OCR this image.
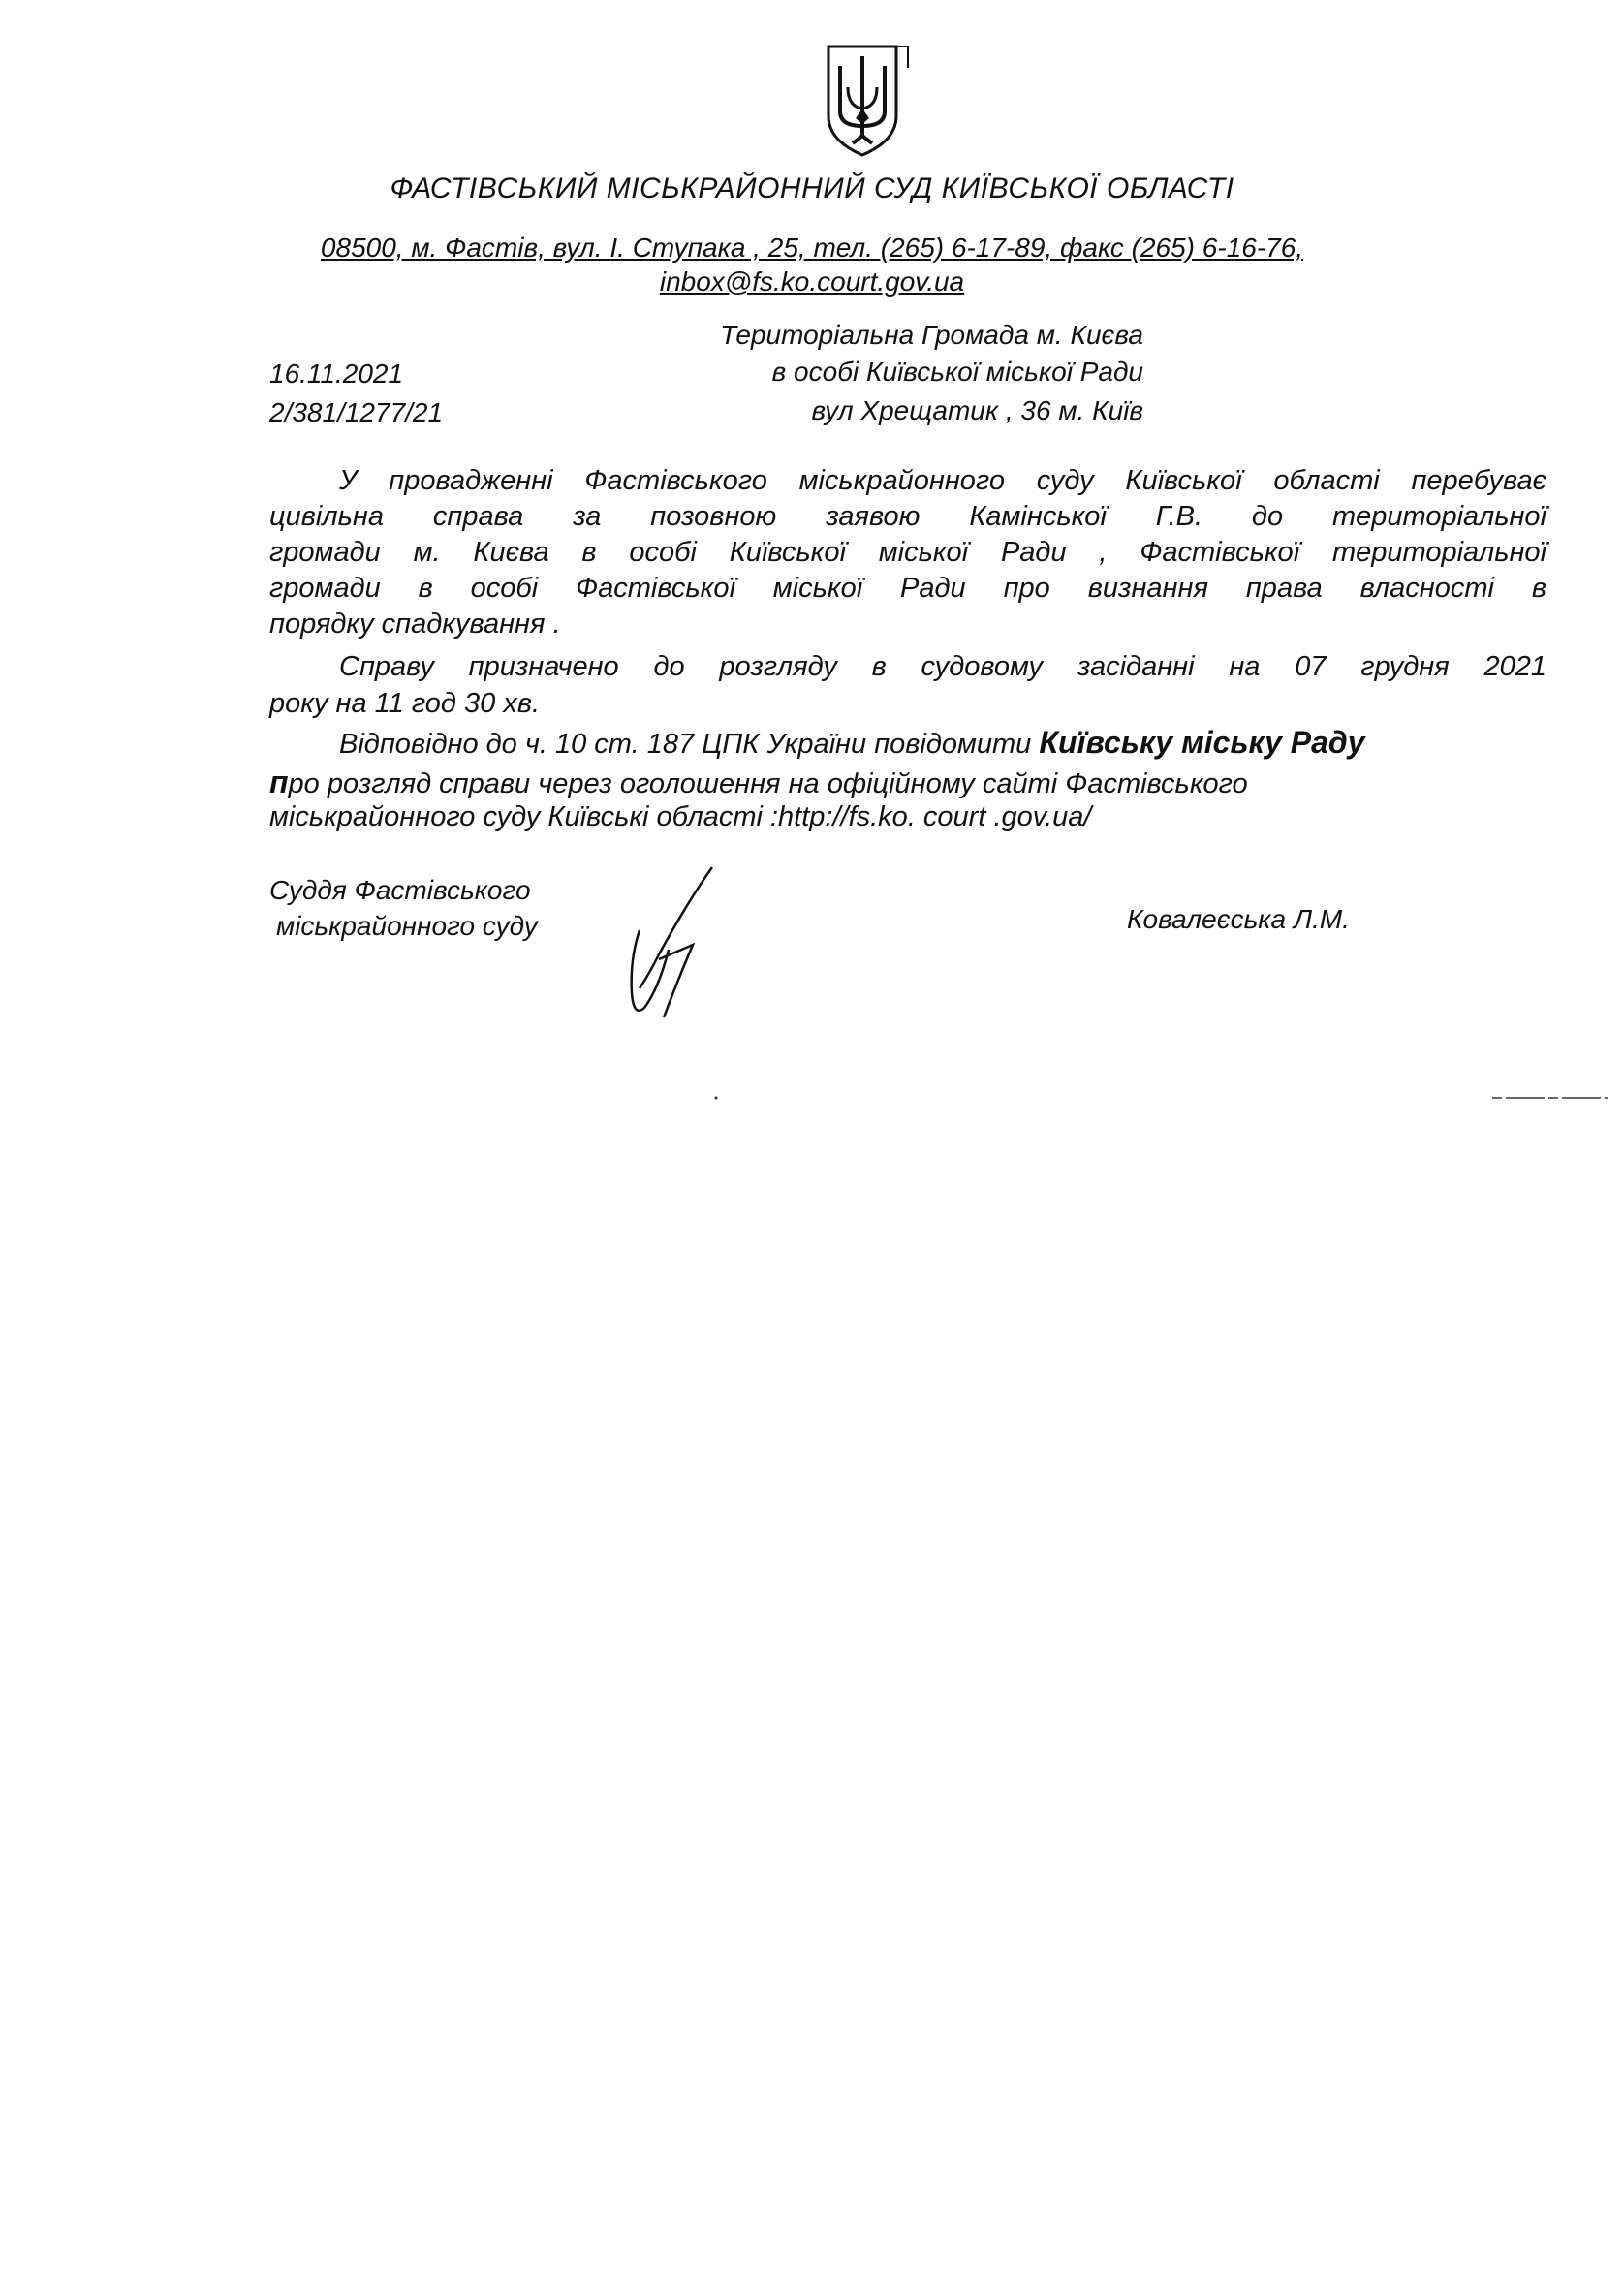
ФАСТІВСЬКИЙ МІСЬКРАЙОННИЙ СУД КИЇВСЬКОЇ ОБЛАСТІ
08500, м. Фастів, вул. І. Ступака , 25, тел. (265) 6-17-89, факс (265) 6-16-76,
inbox@fs.ko.court.gov.ua
Територіальна Громада м. Києва
в особі Київської міської Ради
вул Хрещатик , 36 м. Київ
16.11.2021
2/381/1277/21
У провадженні Фастівського міськрайонного суду Київської області перебуває
цивільна справа за позовною заявою Камінської Г.В. до територіальної
громади м. Києва в особі Київської міської Ради , Фастівської територіальної
громади в особі Фастівської міської Ради про визнання права власності в
порядку спадкування .
Справу призначено до розгляду в судовому засіданні на 07 грудня 2021
року на 11 год 30 хв.
Відповідно до ч. 10 ст. 187 ЦПК України повідомити Київську міську Раду
про розгляд справи через оголошення на офіційному сайті Фастівського
міськрайонного суду Київські області :http://fs.ko. court .gov.ua/
Суддя Фастівського
міськрайонного суду	Ковалеєська Л.М.
